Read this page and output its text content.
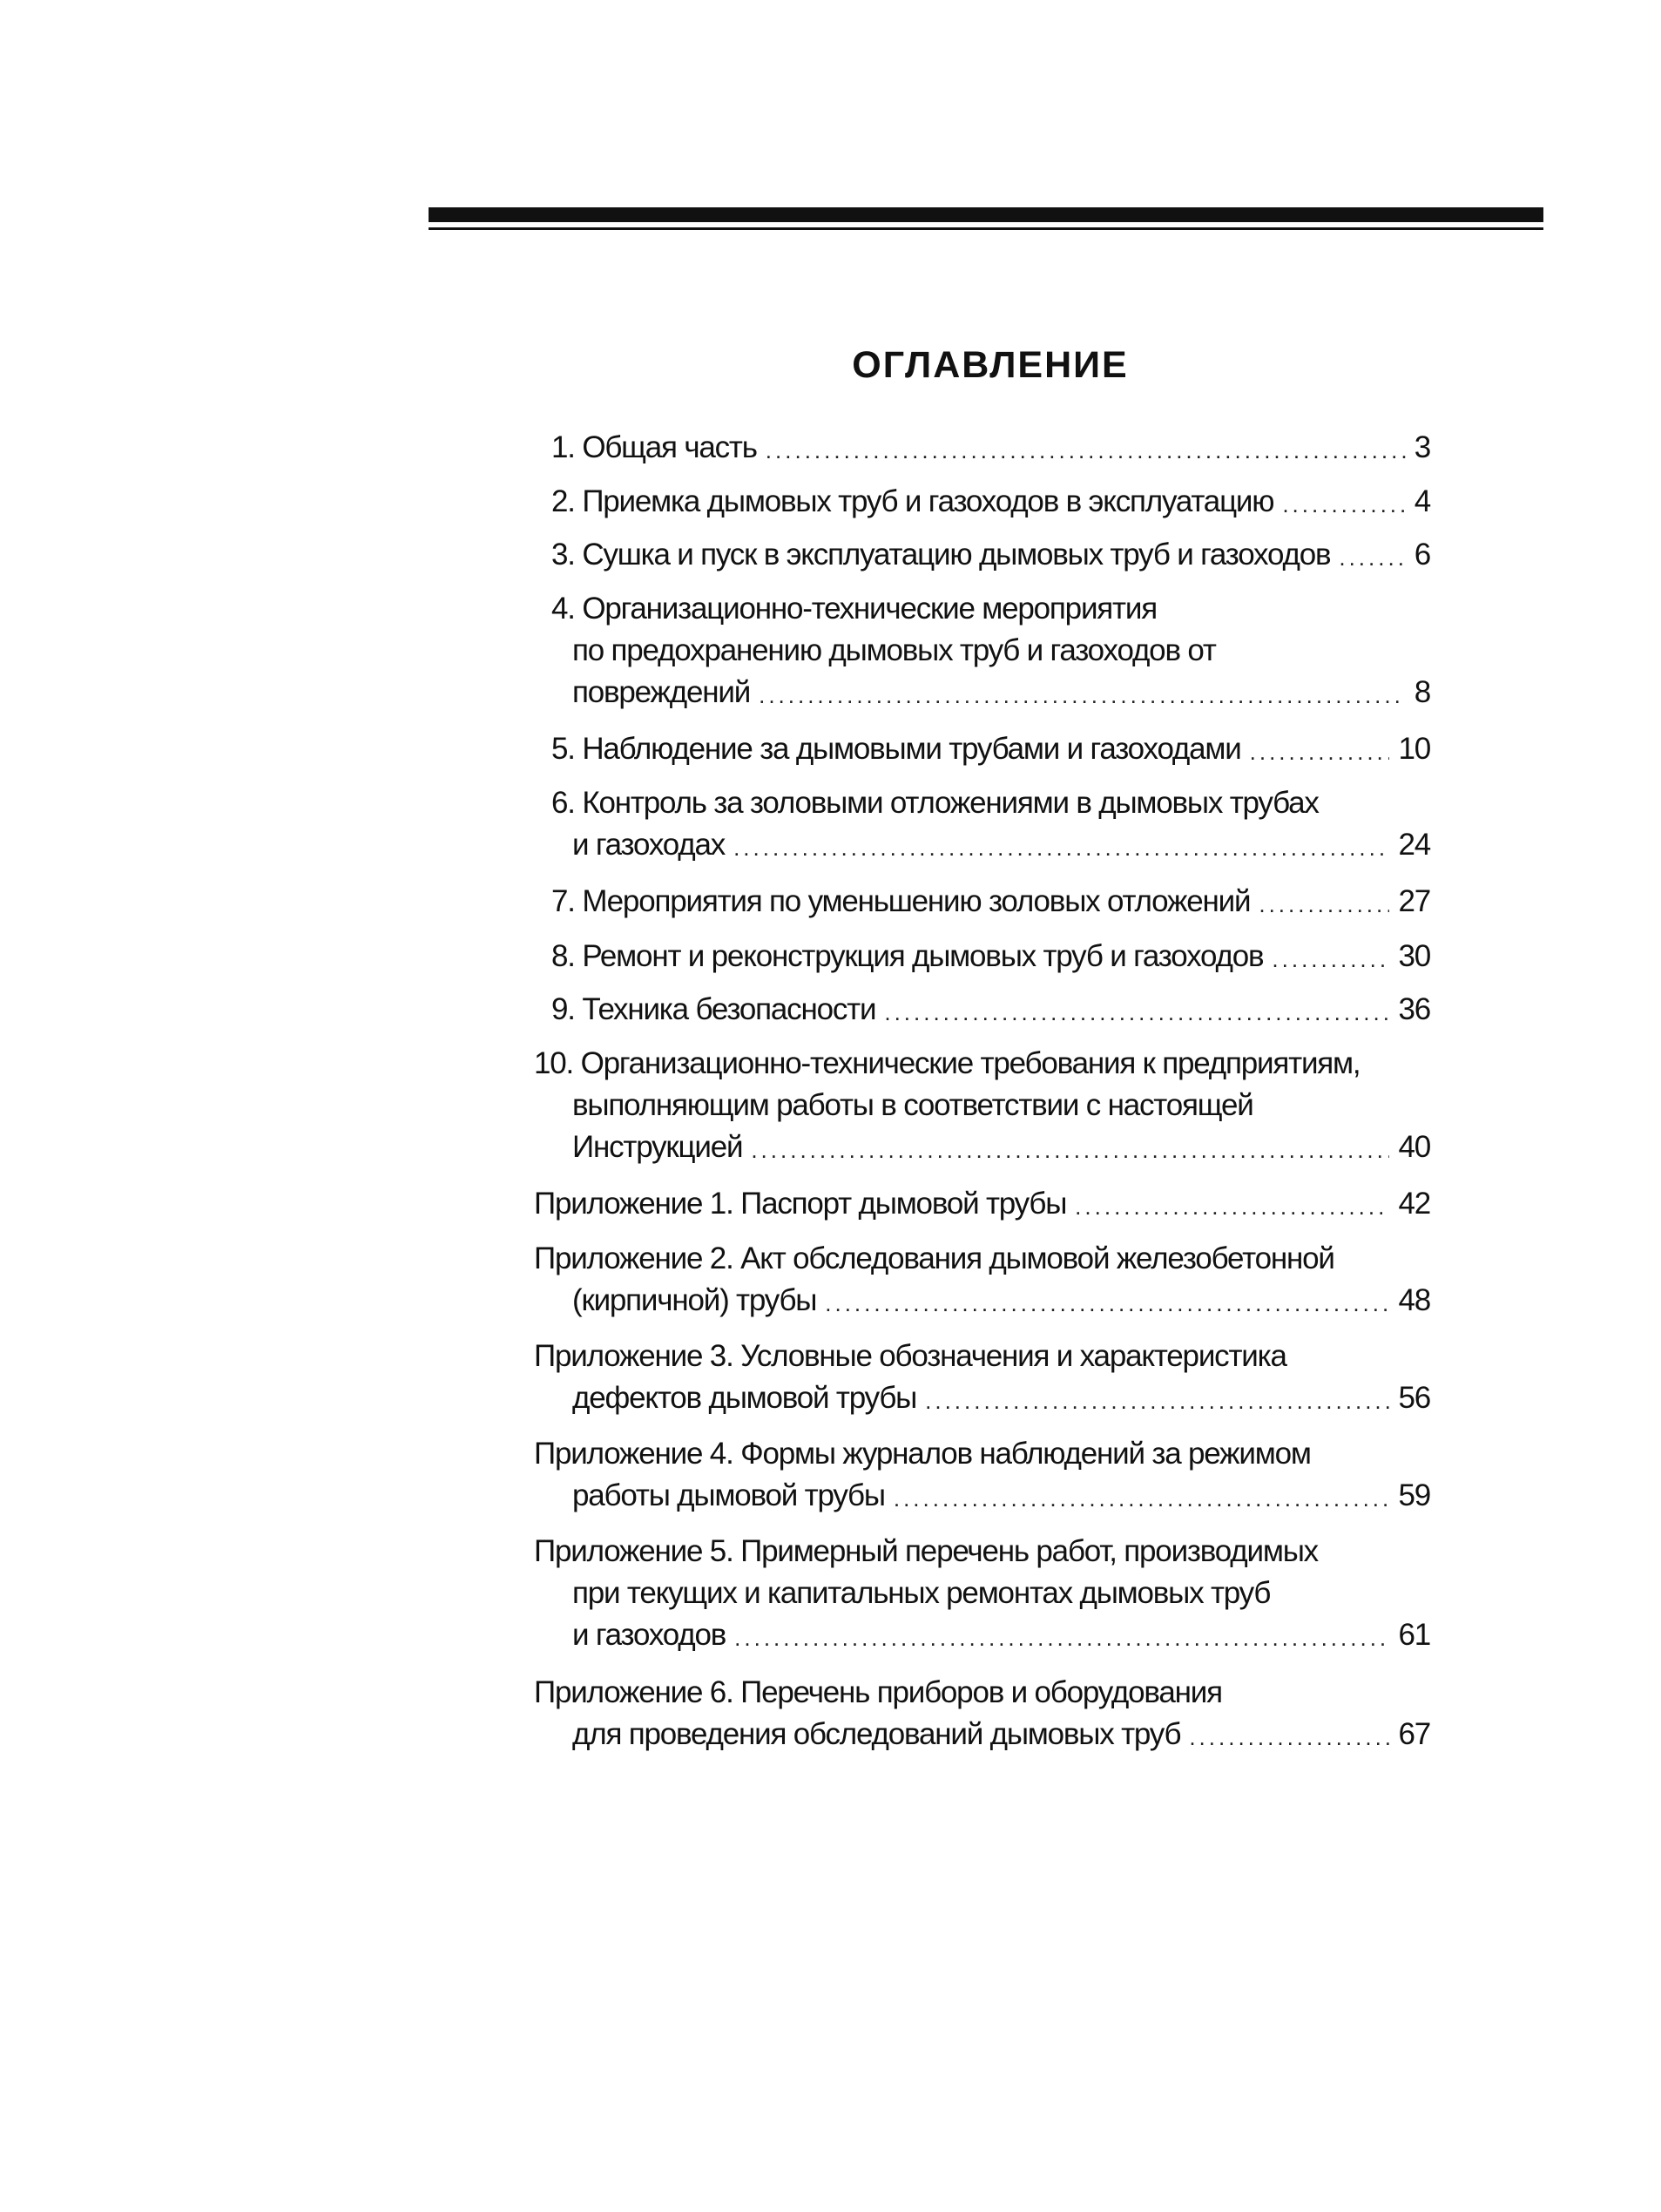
ОГЛАВЛЕНИЕ
1. Общая часть .....	3
2. Приемка дымовых труб и газоходов в эксплуатацию .....	4
3. Сушка и пуск в эксплуатацию дымовых труб и газоходов .....	6
4. Организационно-технические мероприятия
по предохранению дымовых труб и газоходов от
повреждений .....	8
5. Наблюдение за дымовыми трубами и газоходами .....	10
6. Контроль за золовыми отложениями в дымовых трубах
и газоходах .....	24
7. Мероприятия по уменьшению золовых отложений .....	27
8. Ремонт и реконструкция дымовых труб и газоходов .....	30
9. Техника безопасности .....	36
10. Организационно-технические требования к предприятиям,
выполняющим работы в соответствии с настоящей
Инструкцией .....	40
Приложение 1. Паспорт дымовой трубы .....	42
Приложение 2. Акт обследования дымовой железобетонной
(кирпичной) трубы .....	48
Приложение 3. Условные обозначения и характеристика
дефектов дымовой трубы .....	56
Приложение 4. Формы журналов наблюдений за режимом
работы дымовой трубы .....	59
Приложение 5. Примерный перечень работ, производимых
при текущих и капитальных ремонтах дымовых труб
и газоходов .....	61
Приложение 6. Перечень приборов и оборудования
для проведения обследований дымовых труб .....	67
